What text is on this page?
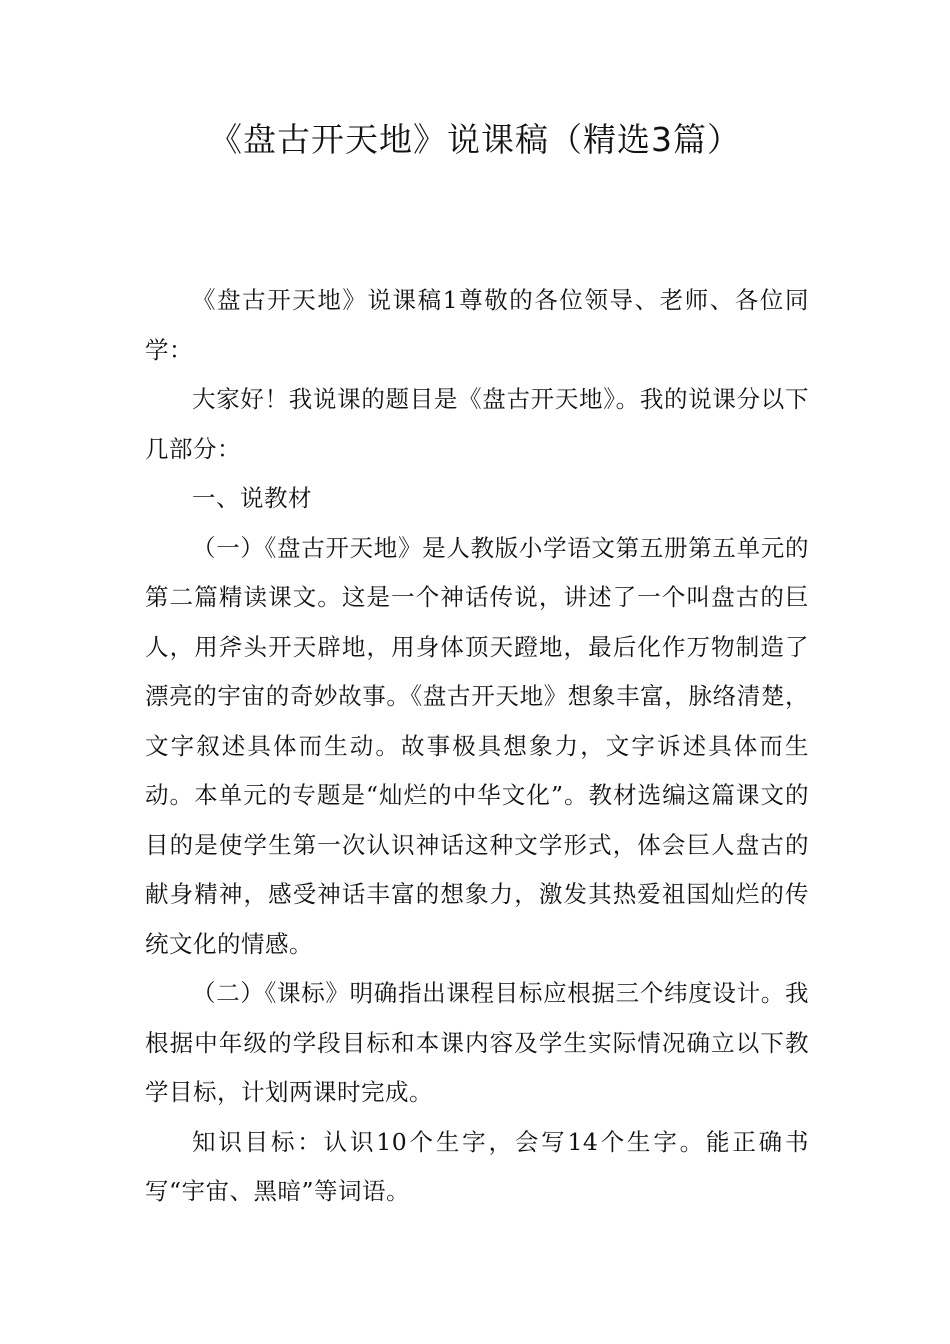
《盘古开天地》说课稿（精选3篇）

《盘古开天地》说课稿1尊敬的各位领导、老师、各位同学：

大家好！我说课的题目是《盘古开天地》。我的说课分以下几部分：

一、说教材

（一）《盘古开天地》是人教版小学语文第五册第五单元的第二篇精读课文。这是一个神话传说，讲述了一个叫盘古的巨人，用斧头开天辟地，用身体顶天蹬地，最后化作万物制造了漂亮的宇宙的奇妙故事。《盘古开天地》想象丰富，脉络清楚，文字叙述具体而生动。故事极具想象力，文字诉述具体而生动。本单元的专题是“灿烂的中华文化”。教材选编这篇课文的目的是使学生第一次认识神话这种文学形式，体会巨人盘古的献身精神，感受神话丰富的想象力，激发其热爱祖国灿烂的传统文化的情感。

（二）《课标》明确指出课程目标应根据三个纬度设计。我根据中年级的学段目标和本课内容及学生实际情况确立以下教学目标，计划两课时完成。

知识目标：认识10个生字，会写14个生字。能正确书写“宇宙、黑暗”等词语。
